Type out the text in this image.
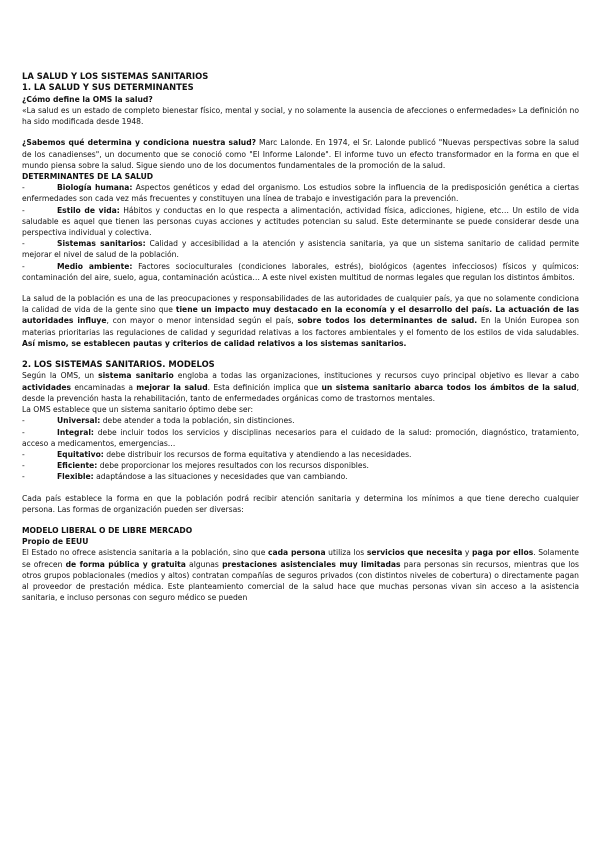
LA SALUD Y LOS SISTEMAS SANITARIOS
1. LA SALUD Y SUS DETERMINANTES
¿Cómo define la OMS la salud?
«La salud es un estado de completo bienestar físico, mental y social, y no solamente la ausencia de afecciones o enfermedades» La definición no ha sido modificada desde 1948.
¿Sabemos qué determina y condiciona nuestra salud? Marc Lalonde. En 1974, el Sr. Lalonde publicó "Nuevas perspectivas sobre la salud de los canadienses", un documento que se conoció como "El Informe Lalonde". El informe tuvo un efecto transformador en la forma en que el mundo piensa sobre la salud. Sigue siendo uno de los documentos fundamentales de la promoción de la salud.
DETERMINANTES DE LA SALUD
-	Biología humana: Aspectos genéticos y edad del organismo. Los estudios sobre la influencia de la predisposición genética a ciertas enfermedades son cada vez más frecuentes y constituyen una línea de trabajo e investigación para la prevención.
-	Estilo de vida: Hábitos y conductas en lo que respecta a alimentación, actividad física, adicciones, higiene, etc… Un estilo de vida saludable es aquel que tienen las personas cuyas acciones y actitudes potencian su salud. Este determinante se puede considerar desde una perspectiva individual y colectiva.
-	Sistemas sanitarios: Calidad y accesibilidad a la atención y asistencia sanitaria, ya que un sistema sanitario de calidad permite mejorar el nivel de salud de la población.
-	Medio ambiente: Factores socioculturales (condiciones laborales, estrés), biológicos (agentes infecciosos) físicos y químicos: contaminación del aire, suelo, agua, contaminación acústica… A este nivel existen multitud de normas legales que regulan los distintos ámbitos.
La salud de la población es una de las preocupaciones y responsabilidades de las autoridades de cualquier país, ya que no solamente condiciona la calidad de vida de la gente sino que tiene un impacto muy destacado en la economía y el desarrollo del país. La actuación de las autoridades influye, con mayor o menor intensidad según el país, sobre todos los determinantes de salud. En la Unión Europea son materias prioritarias las regulaciones de calidad y seguridad relativas a los factores ambientales y el fomento de los estilos de vida saludables. Así mismo, se establecen pautas y criterios de calidad relativos a los sistemas sanitarios.
2. LOS SISTEMAS SANITARIOS. MODELOS
Según la OMS, un sistema sanitario engloba a todas las organizaciones, instituciones y recursos cuyo principal objetivo es llevar a cabo actividades encaminadas a mejorar la salud. Esta definición implica que un sistema sanitario abarca todos los ámbitos de la salud, desde la prevención hasta la rehabilitación, tanto de enfermedades orgánicas como de trastornos mentales.
La OMS establece que un sistema sanitario óptimo debe ser:
-	Universal: debe atender a toda la población, sin distinciones.
-	Integral: debe incluir todos los servicios y disciplinas necesarios para el cuidado de la salud: promoción, diagnóstico, tratamiento, acceso a medicamentos, emergencias…
-	Equitativo: debe distribuir los recursos de forma equitativa y atendiendo a las necesidades.
-	Eficiente: debe proporcionar los mejores resultados con los recursos disponibles.
-	Flexible: adaptándose a las situaciones y necesidades que van cambiando.
Cada país establece la forma en que la población podrá recibir atención sanitaria y determina los mínimos a que tiene derecho cualquier persona. Las formas de organización pueden ser diversas:
MODELO LIBERAL O DE LIBRE MERCADO
Propio de EEUU
El Estado no ofrece asistencia sanitaria a la población, sino que cada persona utiliza los servicios que necesita y paga por ellos. Solamente se ofrecen de forma pública y gratuita algunas prestaciones asistenciales muy limitadas para personas sin recursos, mientras que los otros grupos poblacionales (medios y altos) contratan compañías de seguros privados (con distintos niveles de cobertura) o directamente pagan al proveedor de prestación médica. Este planteamiento comercial de la salud hace que muchas personas vivan sin acceso a la asistencia sanitaria, e incluso personas con seguro médico se pueden
